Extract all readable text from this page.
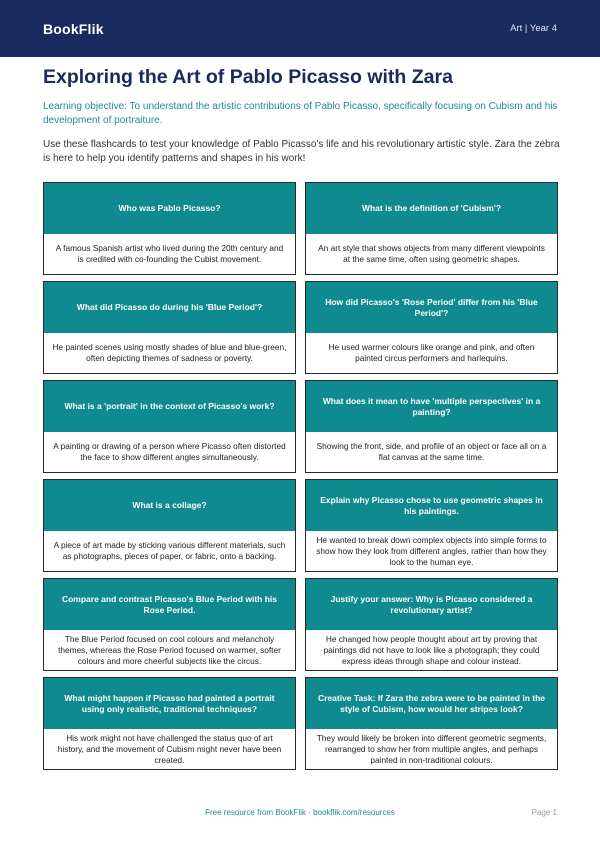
BookFlik	Art | Year 4
Exploring the Art of Pablo Picasso with Zara

Learning objective: To understand the artistic contributions of Pablo Picasso, specifically focusing on Cubism and his development of portraiture.

Use these flashcards to test your knowledge of Pablo Picasso's life and his revolutionary artistic style. Zara the zebra is here to help you identify patterns and shapes in his work!

Who was Pablo Picasso?
A famous Spanish artist who lived during the 20th century and is credited with co-founding the Cubist movement.
What is the definition of 'Cubism'?
An art style that shows objects from many different viewpoints at the same time, often using geometric shapes.
What did Picasso do during his 'Blue Period'?
He painted scenes using mostly shades of blue and blue-green, often depicting themes of sadness or poverty.
How did Picasso's 'Rose Period' differ from his 'Blue Period'?
He used warmer colours like orange and pink, and often painted circus performers and harlequins.
What is a 'portrait' in the context of Picasso's work?
A painting or drawing of a person where Picasso often distorted the face to show different angles simultaneously.
What does it mean to have 'multiple perspectives' in a painting?
Showing the front, side, and profile of an object or face all on a flat canvas at the same time.
What is a collage?
A piece of art made by sticking various different materials, such as photographs, pieces of paper, or fabric, onto a backing.
Explain why Picasso chose to use geometric shapes in his paintings.
He wanted to break down complex objects into simple forms to show how they look from different angles, rather than how they look to the human eye.
Compare and contrast Picasso's Blue Period with his Rose Period.
The Blue Period focused on cool colours and melancholy themes, whereas the Rose Period focused on warmer, softer colours and more cheerful subjects like the circus.
Justify your answer: Why is Picasso considered a revolutionary artist?
He changed how people thought about art by proving that paintings did not have to look like a photograph; they could express ideas through shape and colour instead.
What might happen if Picasso had painted a portrait using only realistic, traditional techniques?
His work might not have challenged the status quo of art history, and the movement of Cubism might never have been created.
Creative Task: If Zara the zebra were to be painted in the style of Cubism, how would her stripes look?
They would likely be broken into different geometric segments, rearranged to show her from multiple angles, and perhaps painted in non-traditional colours.
Free resource from BookFlik · bookflik.com/resources	Page 1
